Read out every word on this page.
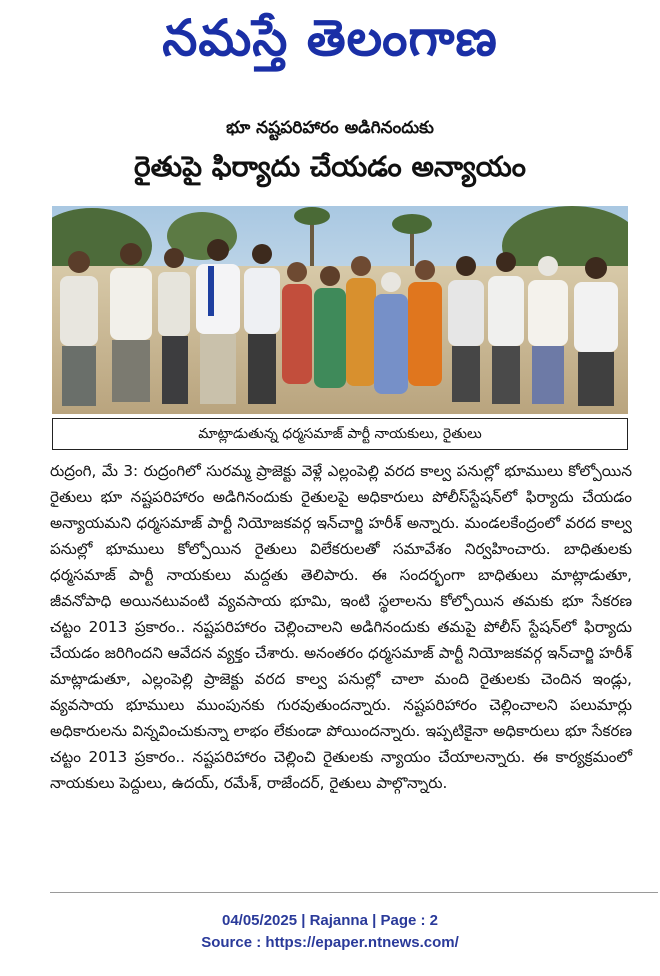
నమస్తే తెలంగాణ
భూ నష్టపరిహారం అడిగినందుకు
రైతుపై ఫిర్యాదు చేయడం అన్యాయం
మాట్లాడుతున్న ధర్మసమాజ్ పార్టీ నాయకులు, రైతులు

రుద్రంగి, మే 3: రుద్రంగిలో సురమ్మ ప్రాజెక్టు వెళ్లే ఎల్లంపెల్లి వరద కాల్వ పనుల్లో భూములు కోల్పోయిన రైతులు భూ నష్టపరిహారం అడిగినందుకు రైతులపై అధికారులు పోలీస్‌స్టేషన్‌లో ఫిర్యాదు చేయడం అన్యాయమని ధర్మసమాజ్ పార్టీ నియోజకవర్గ ఇన్‌చార్జి హరీశ్ అన్నారు. మండలకేంద్రంలో వరద కాల్వ పనుల్లో భూములు కోల్పోయిన రైతులు విలేకరులతో సమావేశం నిర్వహించారు. బాధితులకు ధర్మసమాజ్ పార్టీ నాయకులు మద్దతు తెలిపారు. ఈ సందర్భంగా బాధితులు మాట్లాడుతూ, జీవనోపాధి అయినటువంటి వ్యవసాయ భూమి, ఇంటి స్థలాలను కోల్పోయిన తమకు భూ సేకరణ చట్టం 2013 ప్రకారం.. నష్టపరిహారం చెల్లించాలని అడిగినందుకు తమపై పోలీస్ స్టేషన్‌లో ఫిర్యాదు చేయడం జరిగిందని ఆవేదన వ్యక్తం చేశారు. అనంతరం ధర్మసమాజ్ పార్టీ నియోజకవర్గ ఇన్‌చార్జి హరీశ్ మాట్లాడుతూ, ఎల్లంపెల్లి ప్రాజెక్టు వరద కాల్వ పనుల్లో చాలా మంది రైతులకు చెందిన ఇండ్లు, వ్యవసాయ భూములు ముంపునకు గురవుతుందన్నారు. నష్టపరిహారం చెల్లించాలని పలుమార్లు అధికారులను విన్నవించుకున్నా లాభం లేకుండా పోయిందన్నారు. ఇప్పటికైనా అధికారులు భూ సేకరణ చట్టం 2013 ప్రకారం.. నష్టపరిహారం చెల్లించి రైతులకు న్యాయం చేయాలన్నారు. ఈ కార్యక్రమంలో నాయకులు పెద్దులు, ఉదయ్, రమేశ్, రాజేందర్, రైతులు పాల్గొన్నారు.

04/05/2025 | Rajanna | Page : 2
Source : https://epaper.ntnews.com/
